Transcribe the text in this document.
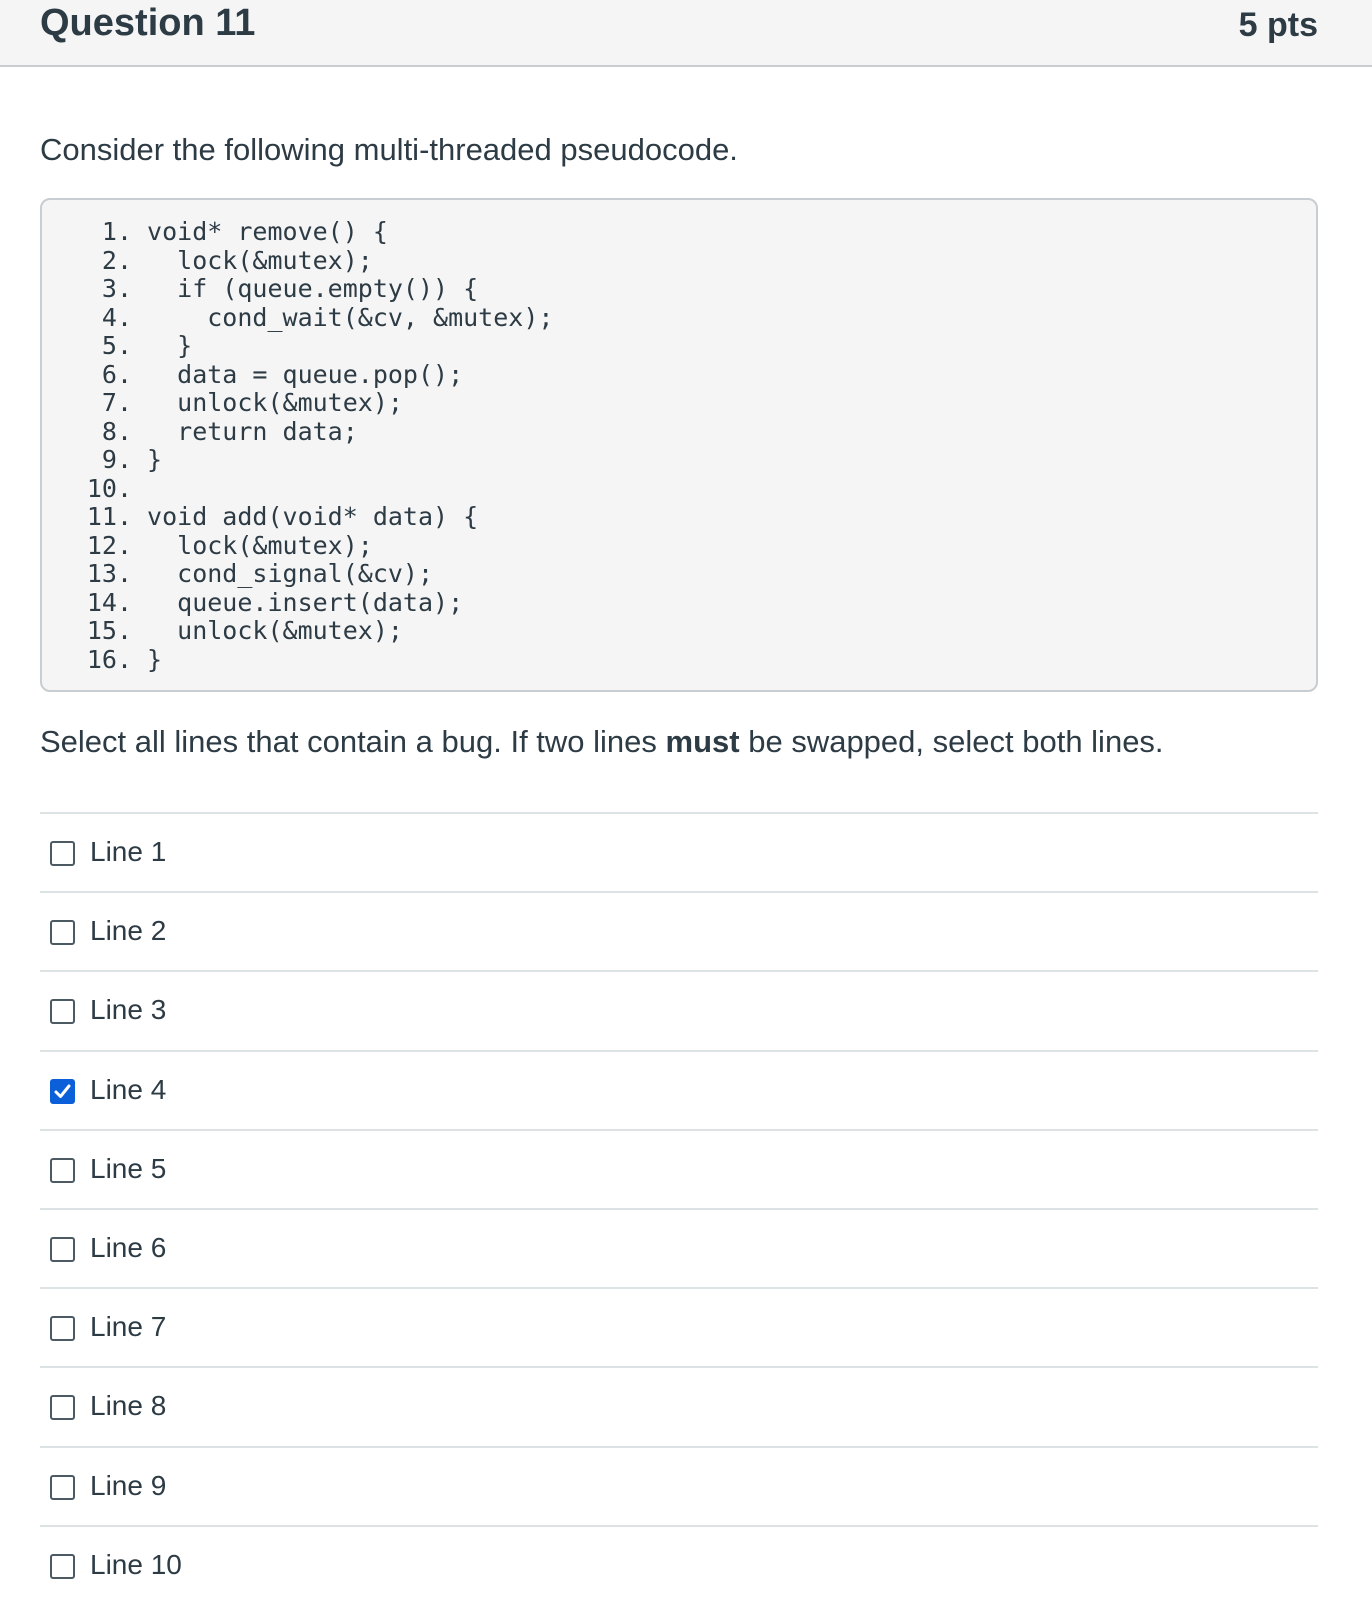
Question 11	5 pts

Consider the following multi-threaded pseudocode.

1. void* remove() {
2.   lock(&mutex);
3.   if (queue.empty()) {
4.     cond_wait(&cv, &mutex);
5.   }
6.   data = queue.pop();
7.   unlock(&mutex);
8.   return data;
9. }
10.
11. void add(void* data) {
12.   lock(&mutex);
13.   cond_signal(&cv);
14.   queue.insert(data);
15.   unlock(&mutex);
16. }

Select all lines that contain a bug. If two lines must be swapped, select both lines.

Line 1
Line 2
Line 3
Line 4
Line 5
Line 6
Line 7
Line 8
Line 9
Line 10
